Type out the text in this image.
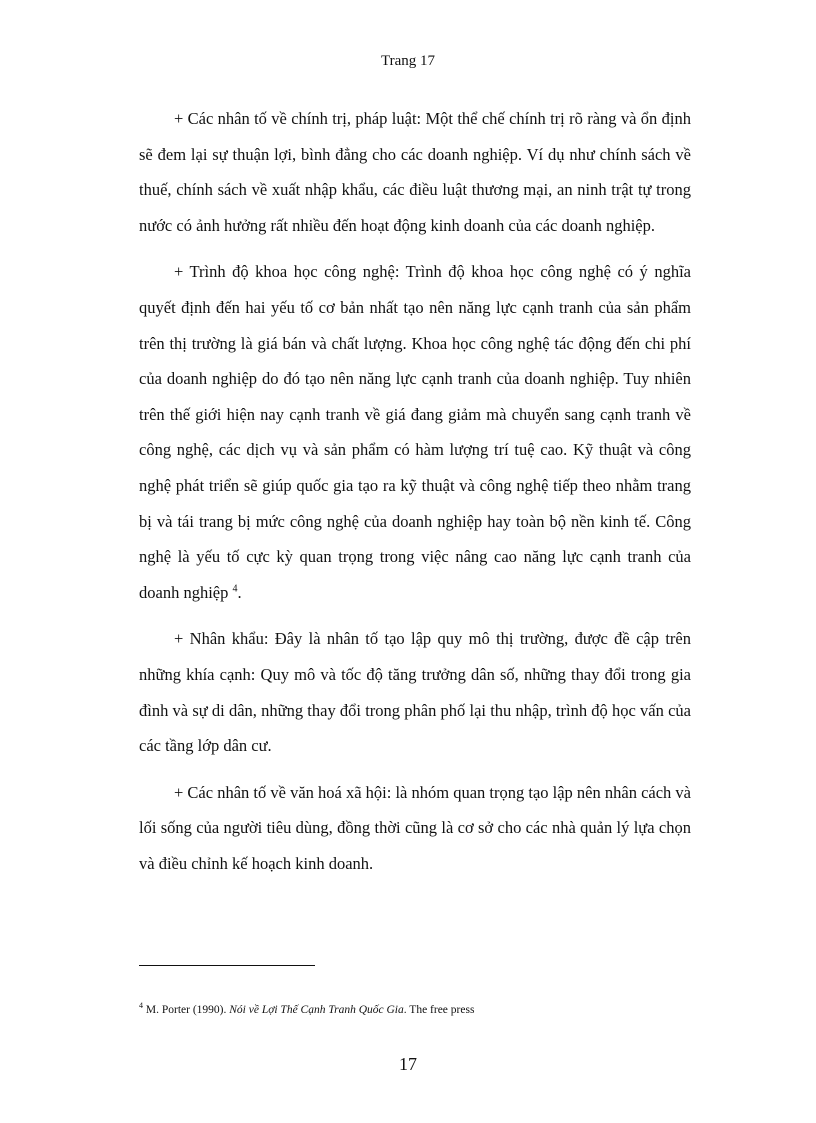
Trang 17

+ Các nhân tố về chính trị, pháp luật: Một thể chế chính trị rõ ràng và ổn định sẽ đem lại sự thuận lợi, bình đẳng cho các doanh nghiệp. Ví dụ như chính sách về thuế, chính sách về xuất nhập khẩu, các điều luật thương mại, an ninh trật tự trong nước có ảnh hưởng rất nhiều đến hoạt động kinh doanh của các doanh nghiệp.

+ Trình độ khoa học công nghệ: Trình độ khoa học công nghệ có ý nghĩa quyết định đến hai yếu tố cơ bản nhất tạo nên năng lực cạnh tranh của sản phẩm trên thị trường là giá bán và chất lượng. Khoa học công nghệ tác động đến chi phí của doanh nghiệp do đó tạo nên năng lực cạnh tranh của doanh nghiệp. Tuy nhiên trên thế giới hiện nay cạnh tranh về giá đang giảm mà chuyển sang cạnh tranh về công nghệ, các dịch vụ và sản phẩm có hàm lượng trí tuệ cao. Kỹ thuật và công nghệ phát triển sẽ giúp quốc gia tạo ra kỹ thuật và công nghệ tiếp theo nhằm trang bị và tái trang bị mức công nghệ của doanh nghiệp hay toàn bộ nền kinh tế. Công nghệ là yếu tố cực kỳ quan trọng trong việc nâng cao năng lực cạnh tranh của doanh nghiệp $^4$.

+ Nhân khẩu: Đây là nhân tố tạo lập quy mô thị trường, được đề cập trên những khía cạnh: Quy mô và tốc độ tăng trưởng dân số, những thay đổi trong gia đình và sự di dân, những thay đổi trong phân phố lại thu nhập, trình độ học vấn của các tầng lớp dân cư.

+ Các nhân tố về văn hoá xã hội: là nhóm quan trọng tạo lập nên nhân cách và lối sống của người tiêu dùng, đồng thời cũng là cơ sở cho các nhà quản lý lựa chọn và điều chỉnh kế hoạch kinh doanh.

$^4$ M. Porter (1990). Nói về Lợi Thế Cạnh Tranh Quốc Gia. The free press
17
